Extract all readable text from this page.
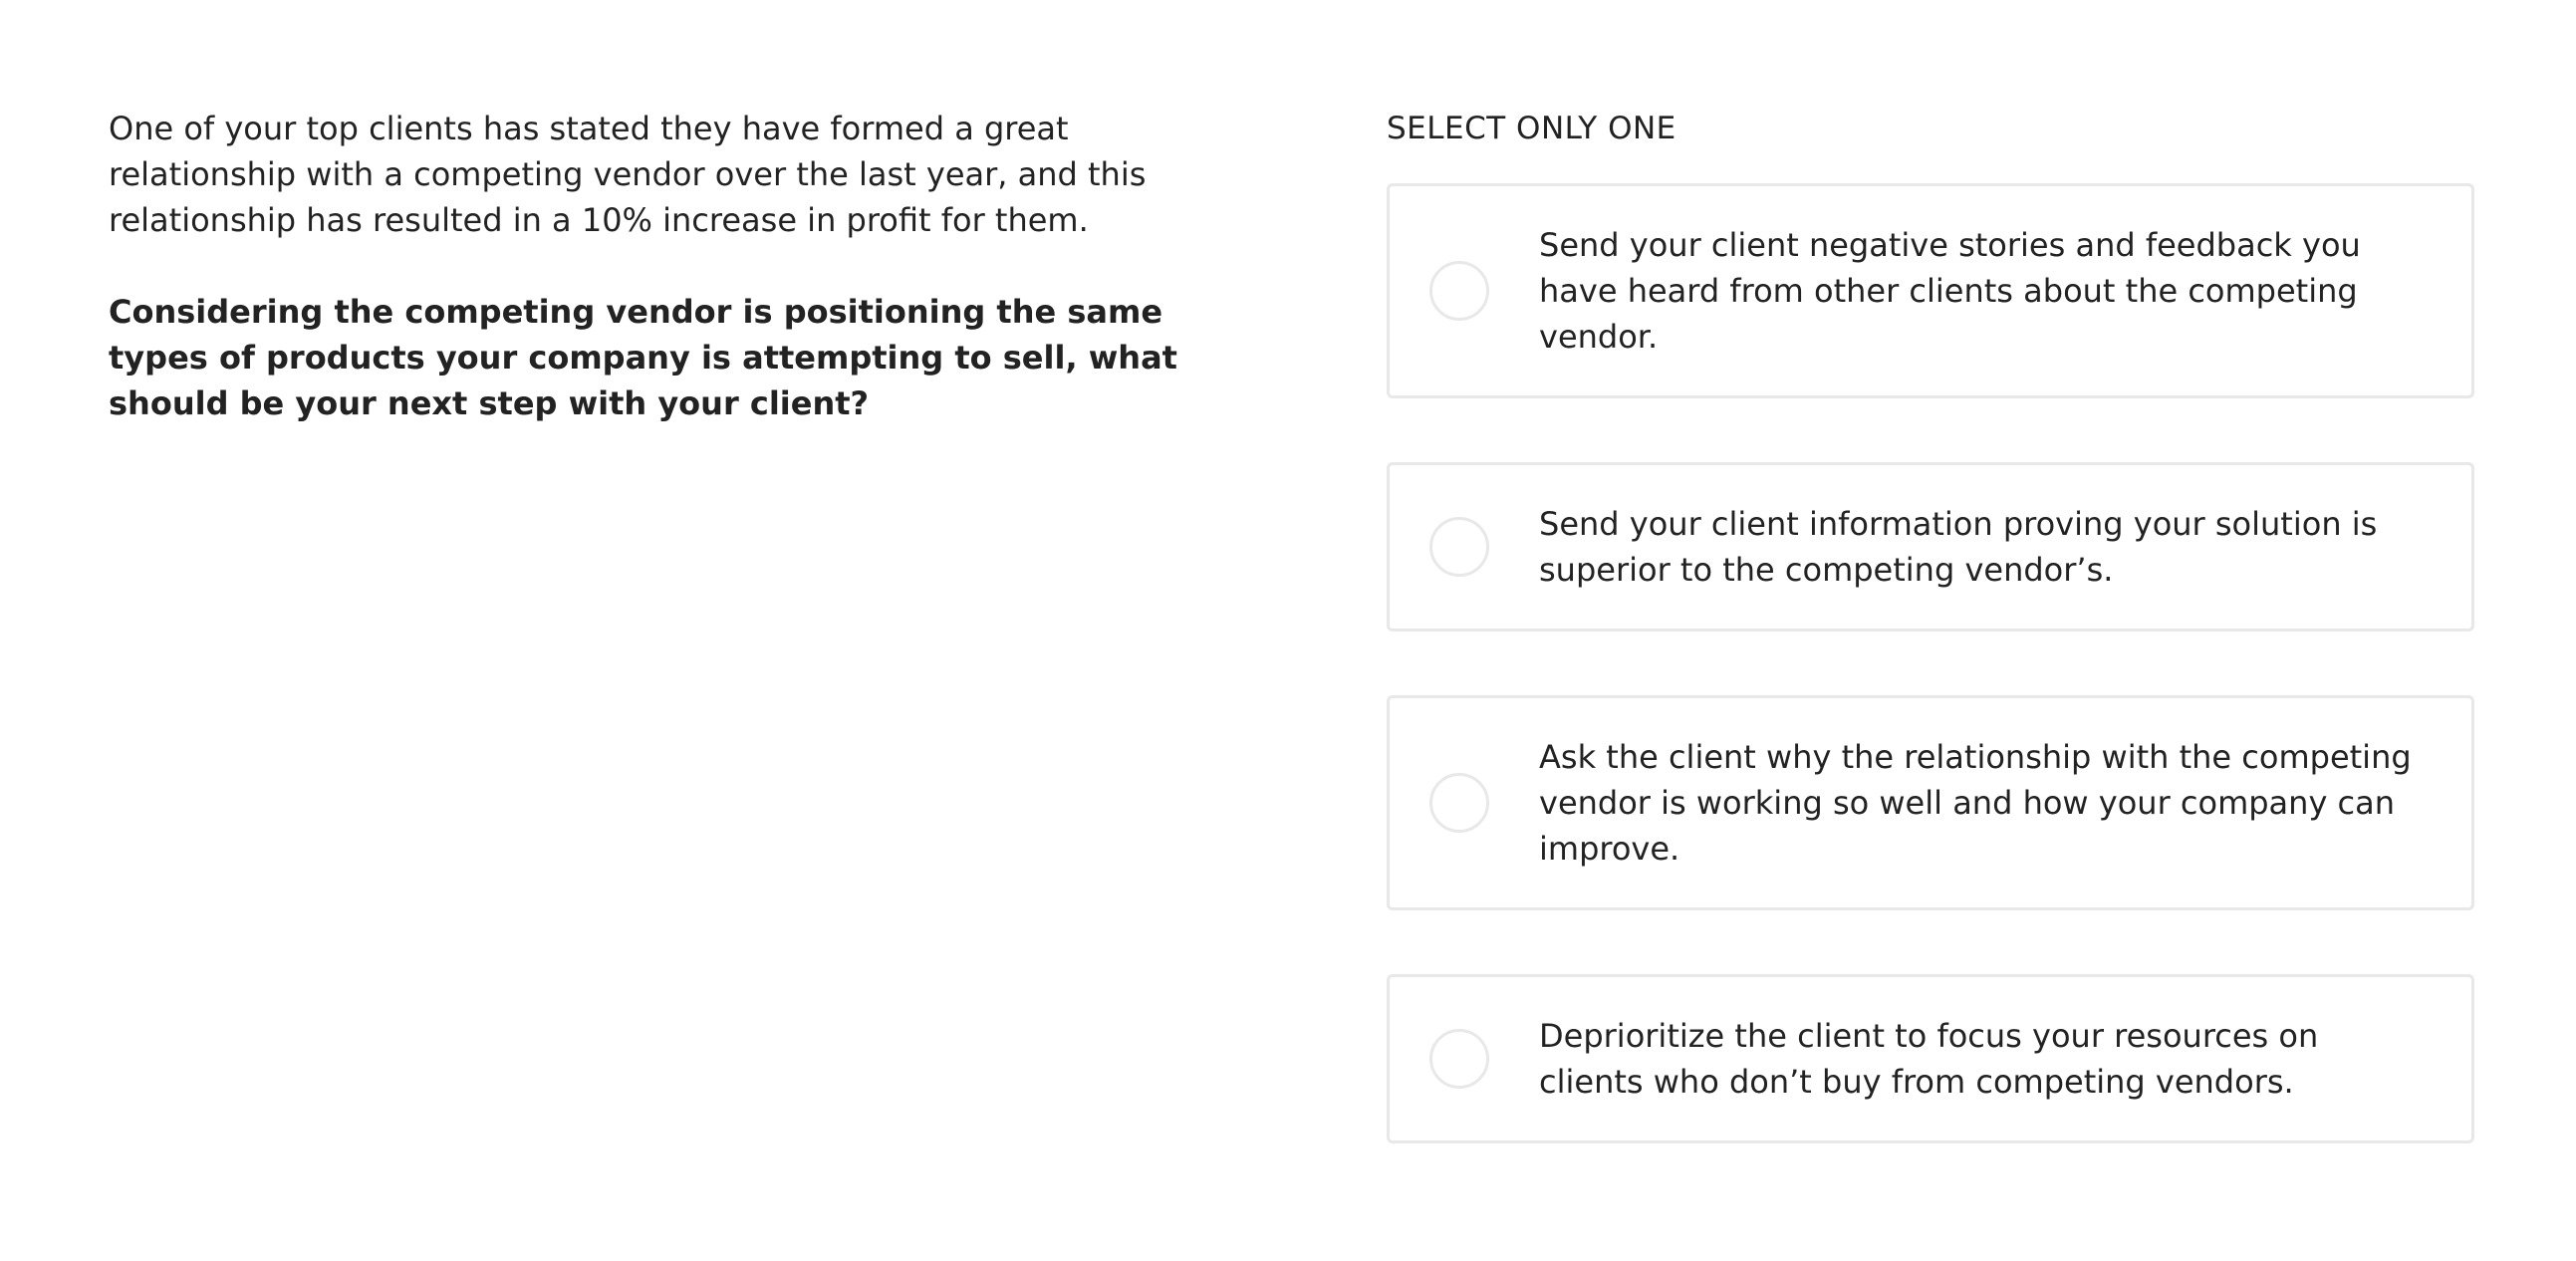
One of your top clients has stated they have formed a great relationship with a competing vendor over the last year, and this relationship has resulted in a 10% increase in profit for them.

Considering the competing vendor is positioning the same types of products your company is attempting to sell, what should be your next step with your client?

SELECT ONLY ONE
Send your client negative stories and feedback you have heard from other clients about the competing vendor.
Send your client information proving your solution is superior to the competing vendor’s.
Ask the client why the relationship with the competing vendor is working so well and how your company can improve.
Deprioritize the client to focus your resources on clients who don’t buy from competing vendors.
